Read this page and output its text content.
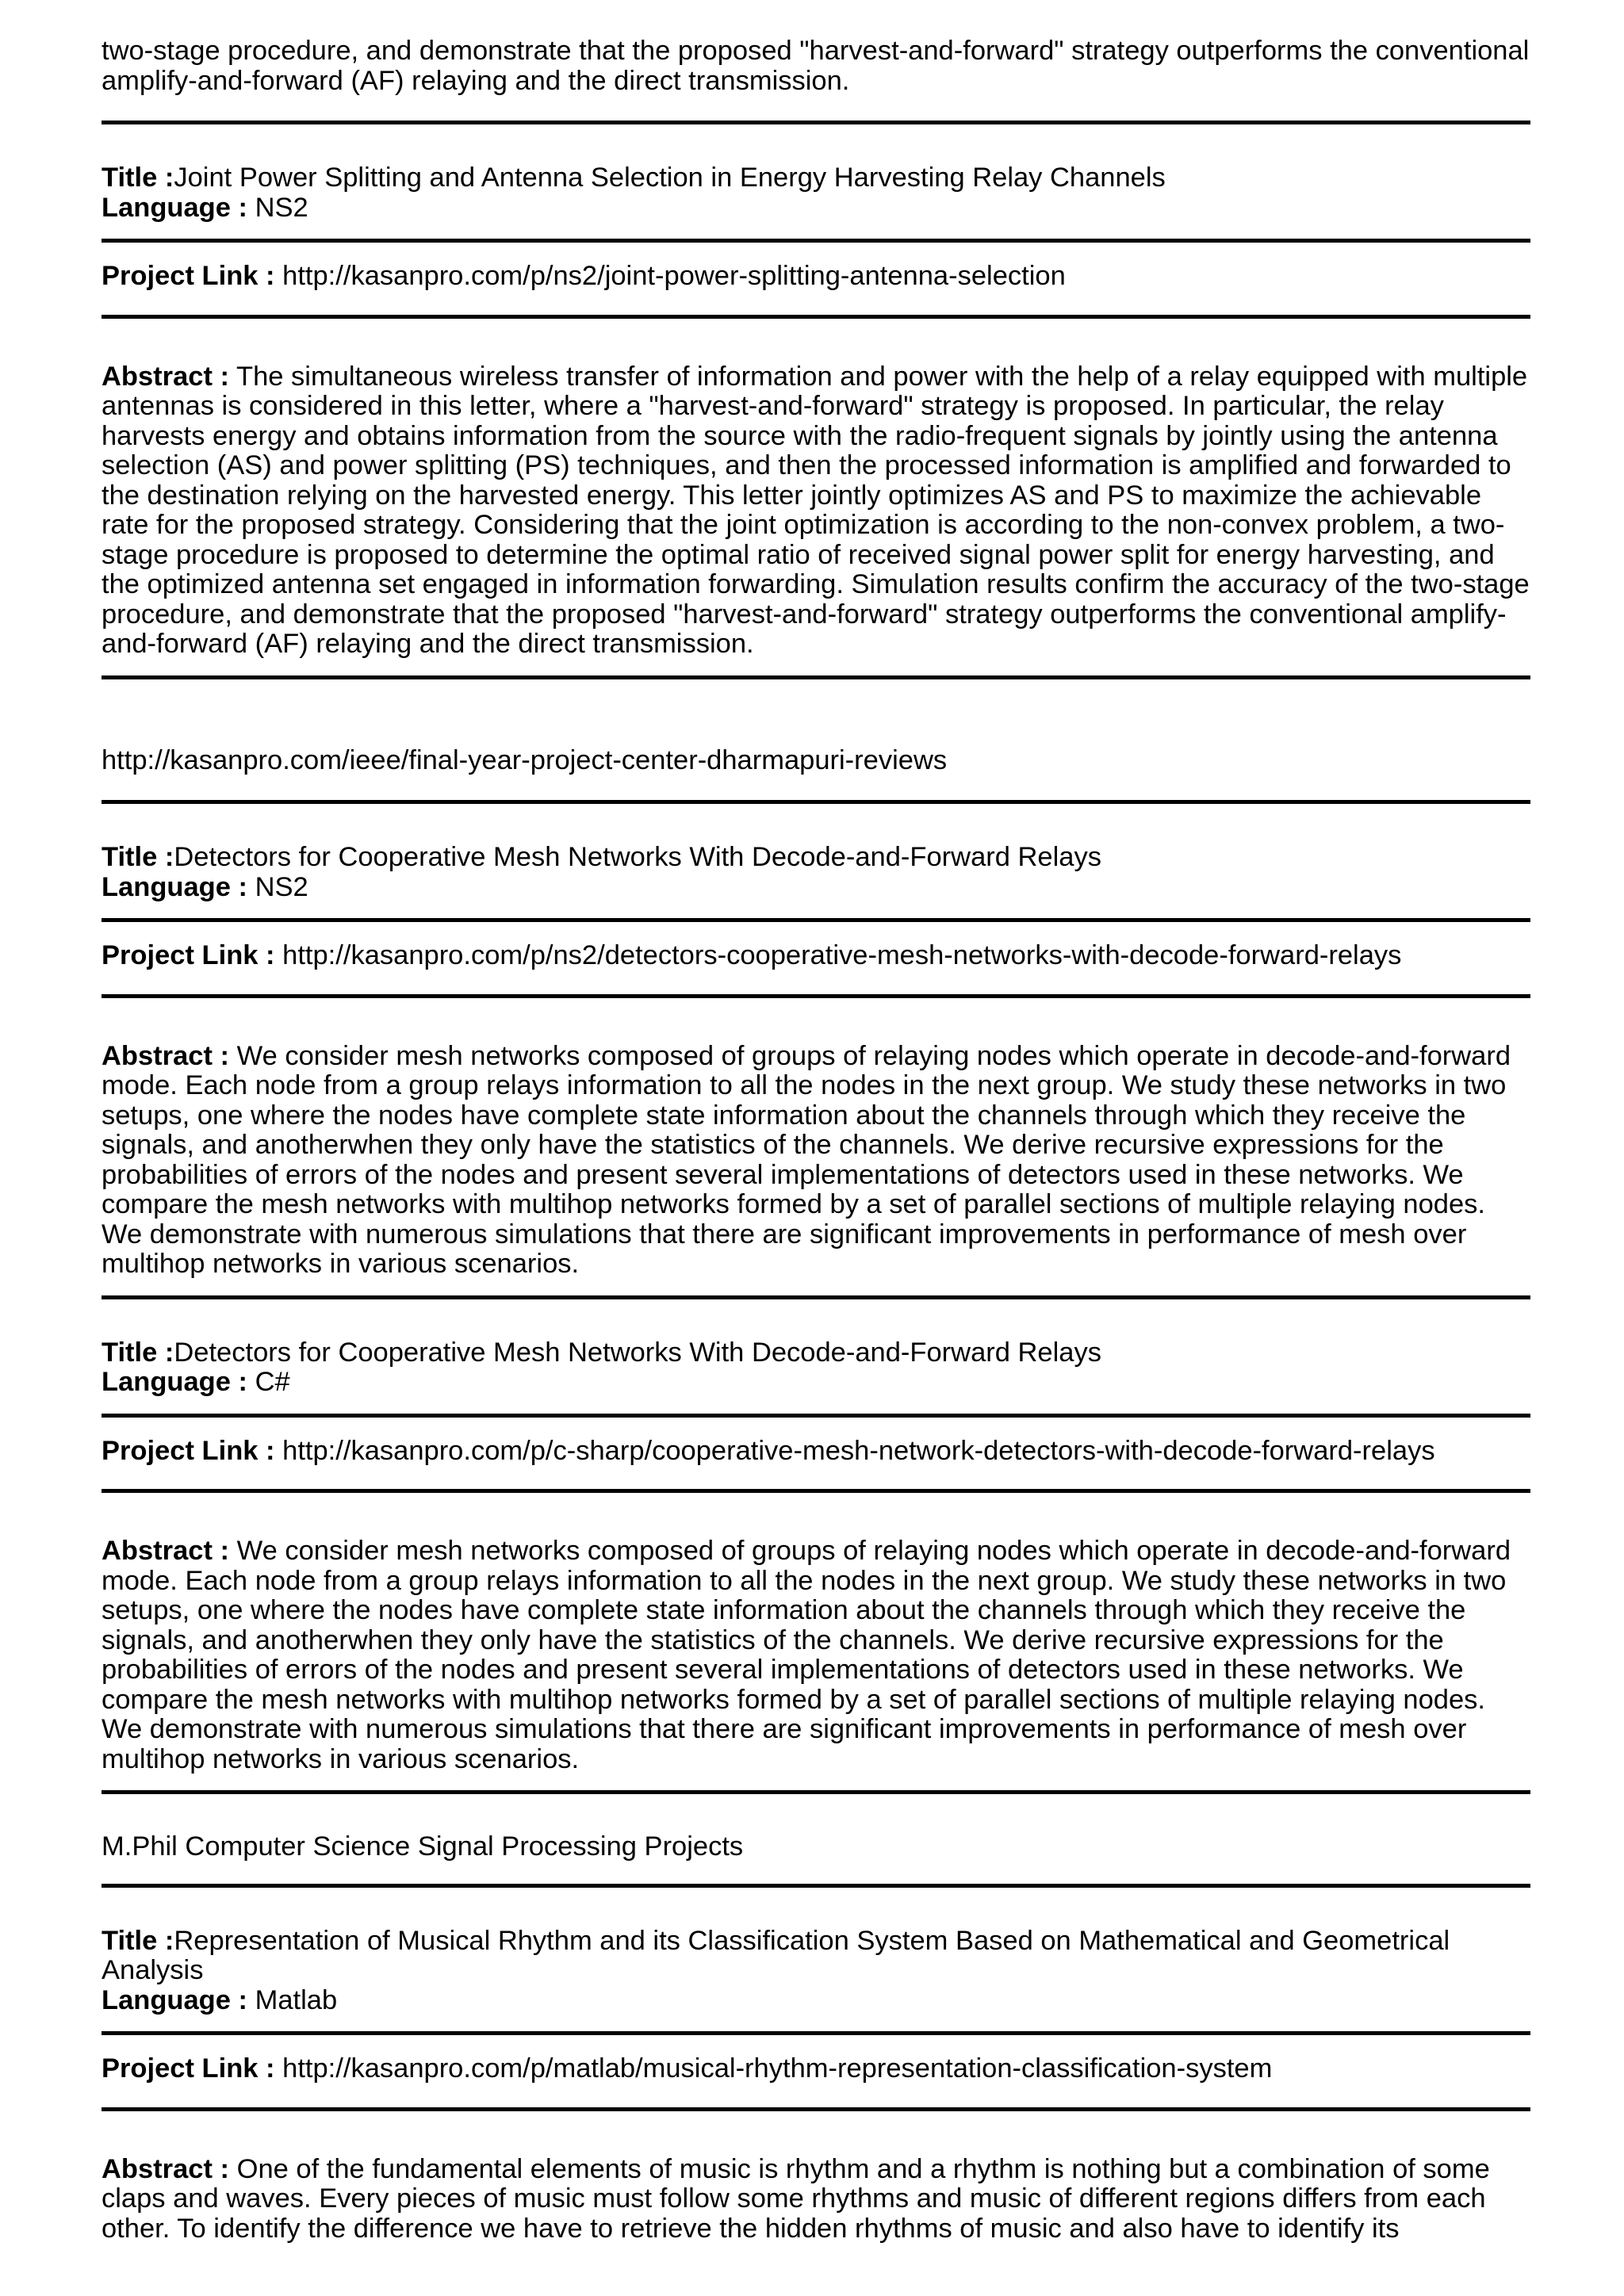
two-stage procedure, and demonstrate that the proposed "harvest-and-forward" strategy outperforms the conventional amplify-and-forward (AF) relaying and the direct transmission.
Title :Joint Power Splitting and Antenna Selection in Energy Harvesting Relay Channels
Language : NS2
Project Link : http://kasanpro.com/p/ns2/joint-power-splitting-antenna-selection
Abstract : The simultaneous wireless transfer of information and power with the help of a relay equipped with multiple antennas is considered in this letter, where a "harvest-and-forward" strategy is proposed. In particular, the relay harvests energy and obtains information from the source with the radio-frequent signals by jointly using the antenna selection (AS) and power splitting (PS) techniques, and then the processed information is amplified and forwarded to the destination relying on the harvested energy. This letter jointly optimizes AS and PS to maximize the achievable rate for the proposed strategy. Considering that the joint optimization is according to the non-convex problem, a two-stage procedure is proposed to determine the optimal ratio of received signal power split for energy harvesting, and the optimized antenna set engaged in information forwarding. Simulation results confirm the accuracy of the two-stage procedure, and demonstrate that the proposed "harvest-and-forward" strategy outperforms the conventional amplify-and-forward (AF) relaying and the direct transmission.
http://kasanpro.com/ieee/final-year-project-center-dharmapuri-reviews
Title :Detectors for Cooperative Mesh Networks With Decode-and-Forward Relays
Language : NS2
Project Link : http://kasanpro.com/p/ns2/detectors-cooperative-mesh-networks-with-decode-forward-relays
Abstract : We consider mesh networks composed of groups of relaying nodes which operate in decode-and-forward mode. Each node from a group relays information to all the nodes in the next group. We study these networks in two setups, one where the nodes have complete state information about the channels through which they receive the signals, and anotherwhen they only have the statistics of the channels. We derive recursive expressions for the probabilities of errors of the nodes and present several implementations of detectors used in these networks. We compare the mesh networks with multihop networks formed by a set of parallel sections of multiple relaying nodes. We demonstrate with numerous simulations that there are significant improvements in performance of mesh over multihop networks in various scenarios.
Title :Detectors for Cooperative Mesh Networks With Decode-and-Forward Relays
Language : C#
Project Link : http://kasanpro.com/p/c-sharp/cooperative-mesh-network-detectors-with-decode-forward-relays
Abstract : We consider mesh networks composed of groups of relaying nodes which operate in decode-and-forward mode. Each node from a group relays information to all the nodes in the next group. We study these networks in two setups, one where the nodes have complete state information about the channels through which they receive the signals, and anotherwhen they only have the statistics of the channels. We derive recursive expressions for the probabilities of errors of the nodes and present several implementations of detectors used in these networks. We compare the mesh networks with multihop networks formed by a set of parallel sections of multiple relaying nodes. We demonstrate with numerous simulations that there are significant improvements in performance of mesh over multihop networks in various scenarios.
M.Phil Computer Science Signal Processing Projects
Title :Representation of Musical Rhythm and its Classification System Based on Mathematical and Geometrical Analysis
Language : Matlab
Project Link : http://kasanpro.com/p/matlab/musical-rhythm-representation-classification-system
Abstract : One of the fundamental elements of music is rhythm and a rhythm is nothing but a combination of some claps and waves. Every pieces of music must follow some rhythms and music of different regions differs from each other. To identify the difference we have to retrieve the hidden rhythms of music and also have to identify its
